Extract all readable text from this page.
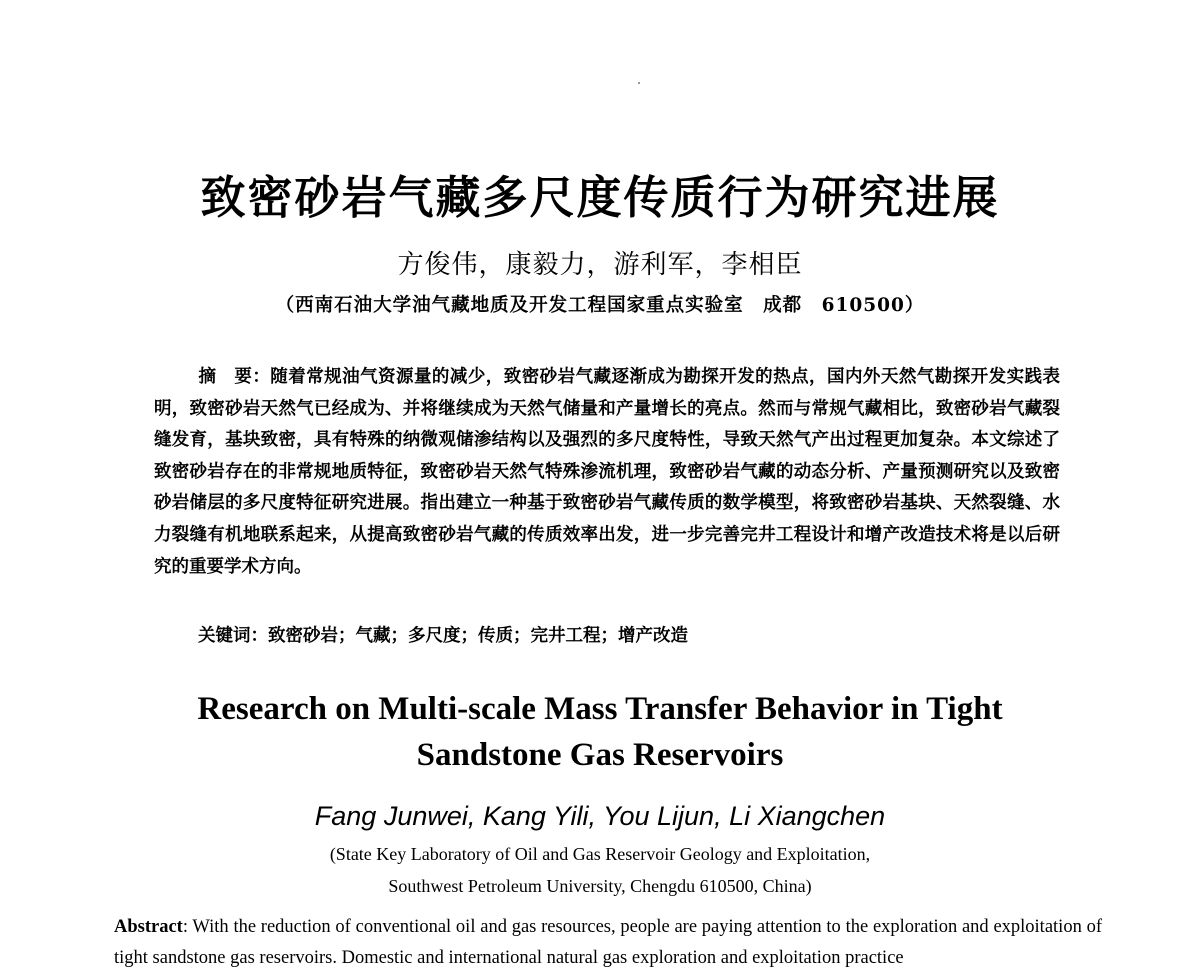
致密砂岩气藏多尺度传质行为研究进展
方俊伟，康毅力，游利军，李相臣
（西南石油大学油气藏地质及开发工程国家重点实验室　成都　610500）

摘　要：随着常规油气资源量的减少，致密砂岩气藏逐渐成为勘探开发的热点，国内外天然气勘探开发实践表明，致密砂岩天然气已经成为、并将继续成为天然气储量和产量增长的亮点。然而与常规气藏相比，致密砂岩气藏裂缝发育，基块致密，具有特殊的纳微观储渗结构以及强烈的多尺度特性，导致天然气产出过程更加复杂。本文综述了致密砂岩存在的非常规地质特征，致密砂岩天然气特殊渗流机理，致密砂岩气藏的动态分析、产量预测研究以及致密砂岩储层的多尺度特征研究进展。指出建立一种基于致密砂岩气藏传质的数学模型，将致密砂岩基块、天然裂缝、水力裂缝有机地联系起来，从提高致密砂岩气藏的传质效率出发，进一步完善完井工程设计和增产改造技术将是以后研究的重要学术方向。

关键词：致密砂岩；气藏；多尺度；传质；完井工程；增产改造
Research on Multi-scale Mass Transfer Behavior in Tight Sandstone Gas Reservoirs
Fang Junwei, Kang Yili, You Lijun, Li Xiangchen
(State Key Laboratory of Oil and Gas Reservoir Geology and Exploitation,
Southwest Petroleum University, Chengdu 610500, China)

Abstract: With the reduction of conventional oil and gas resources, people are paying attention to the exploration and exploitation of tight sandstone gas reservoirs. Domestic and international natural gas exploration and exploitation practice
